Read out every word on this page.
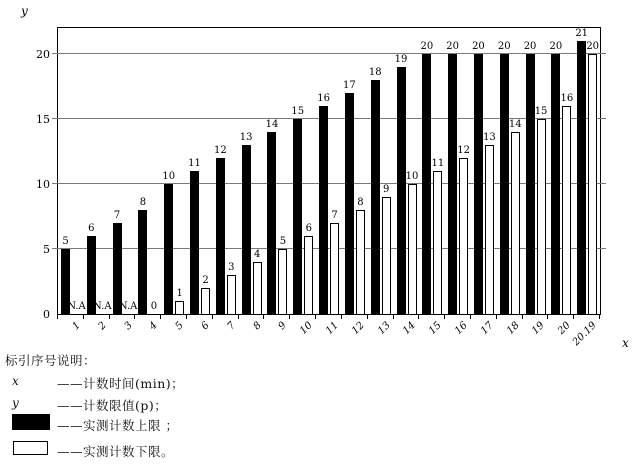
y
x
5
N.A
6
N.A
7
N.A
8
0
10
1
11
2
12
3
13
4
14
5
15
6
16
7
17
8
18
9
19
10
20
11
20
12
20
13
20
14
20
15
20
16
21
20
0
5
10
15
20
1	2	3	4	5	6	7	8	9 10 11 12 13 14 15 16 17 18 19 20
20.19
标引序号说明：
x	——计数时间(min)；
y	——计数限值(p)；
——实测计数上限 ；
——实测计数下限。
